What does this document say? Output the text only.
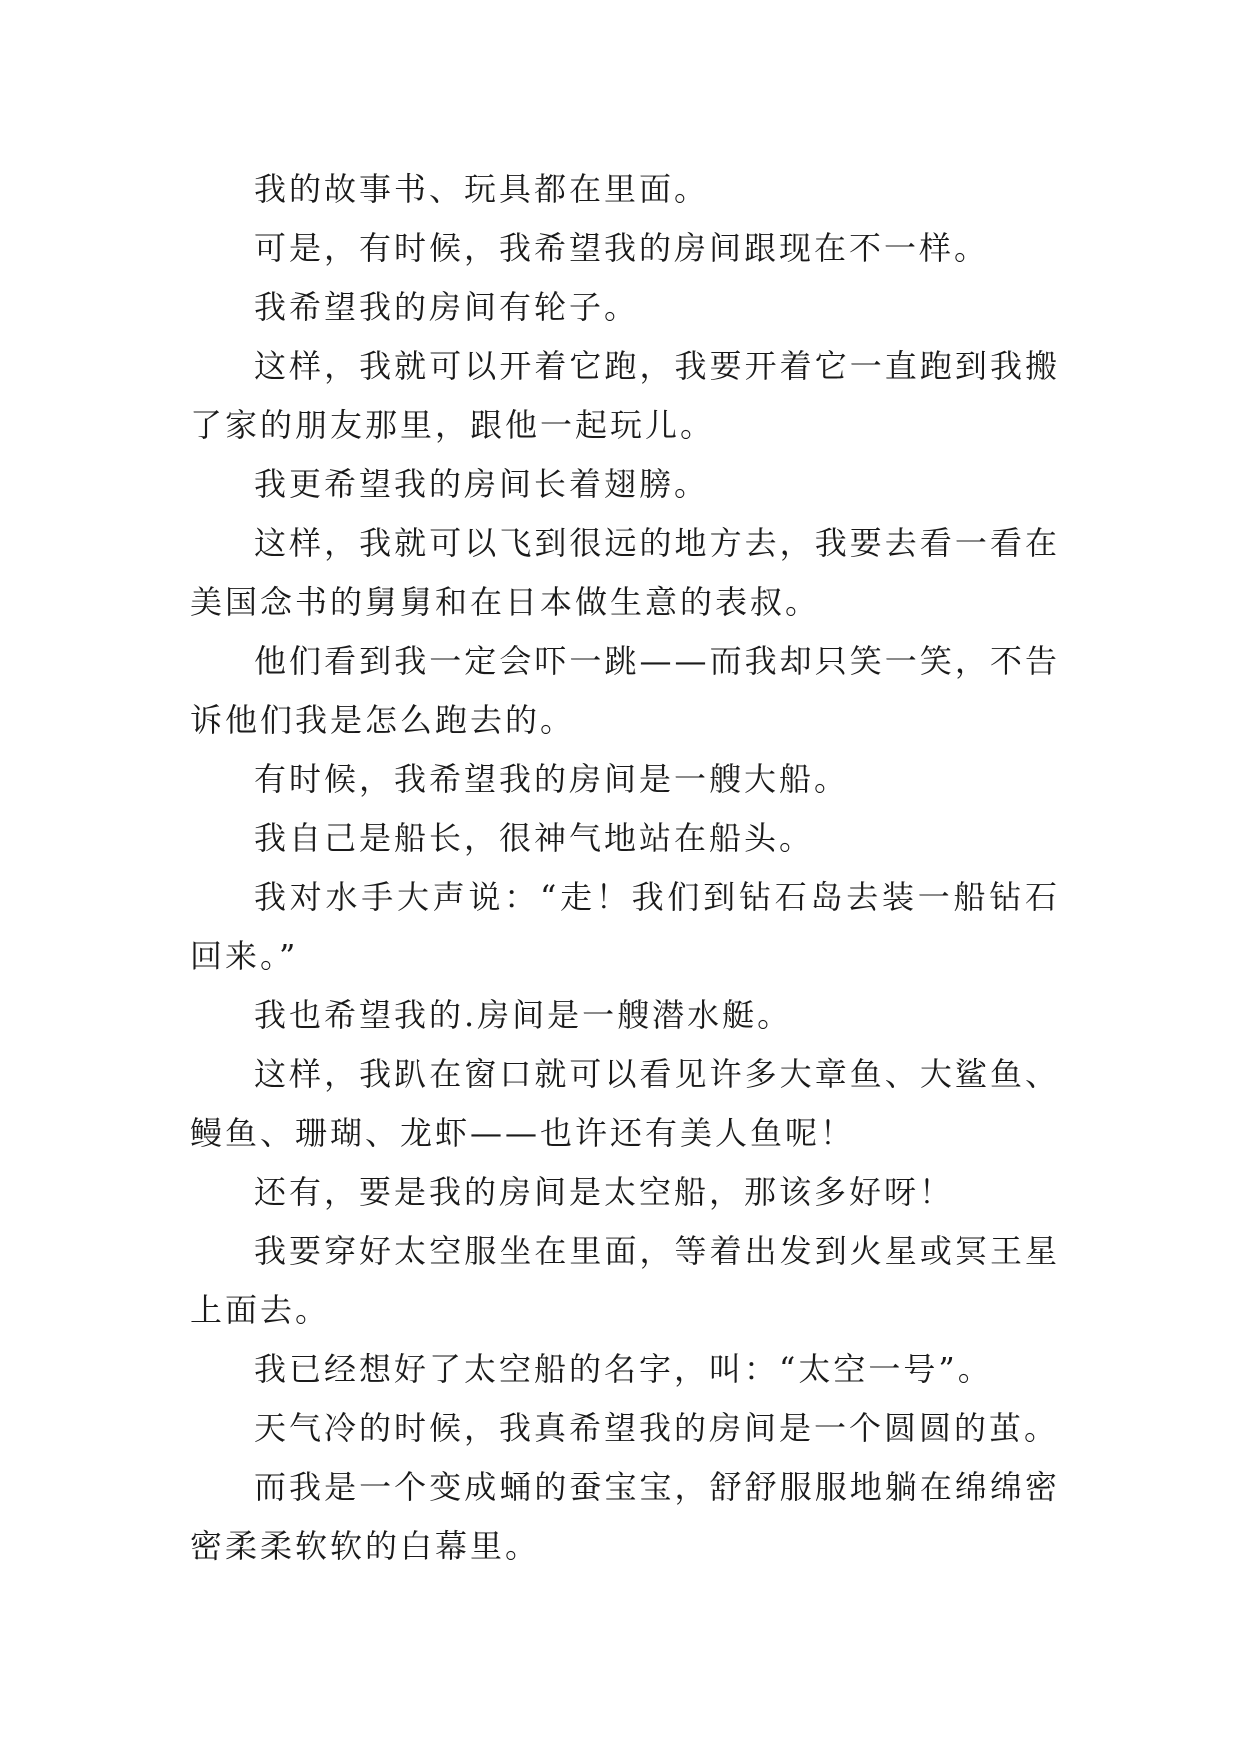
我的故事书、玩具都在里面。

可是，有时候，我希望我的房间跟现在不一样。

我希望我的房间有轮子。

这样，我就可以开着它跑，我要开着它一直跑到我搬了家的朋友那里，跟他一起玩儿。

我更希望我的房间长着翅膀。

这样，我就可以飞到很远的地方去，我要去看一看在美国念书的舅舅和在日本做生意的表叔。

他们看到我一定会吓一跳——而我却只笑一笑，不告诉他们我是怎么跑去的。

有时候，我希望我的房间是一艘大船。

我自己是船长，很神气地站在船头。

我对水手大声说：“走！我们到钻石岛去装一船钻石回来。”

我也希望我的.房间是一艘潜水艇。

这样，我趴在窗口就可以看见许多大章鱼、大鲨鱼、鳗鱼、珊瑚、龙虾——也许还有美人鱼呢！

还有，要是我的房间是太空船，那该多好呀！

我要穿好太空服坐在里面，等着出发到火星或冥王星上面去。

我已经想好了太空船的名字，叫：“太空一号”。

天气冷的时候，我真希望我的房间是一个圆圆的茧。

而我是一个变成蛹的蚕宝宝，舒舒服服地躺在绵绵密密柔柔软软的白幕里。
